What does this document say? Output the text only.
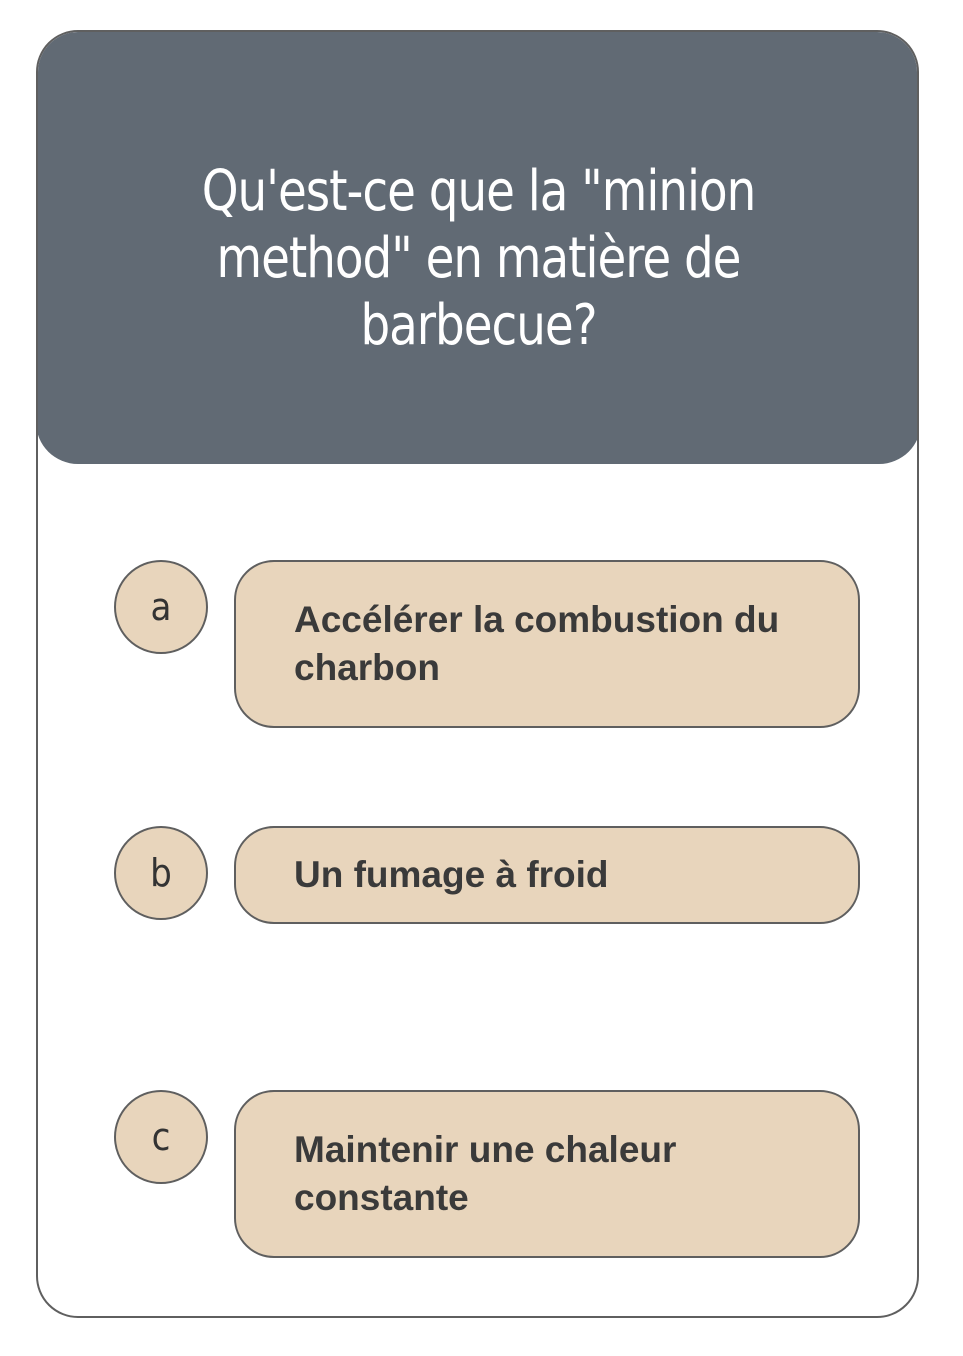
Qu'est-ce que la "minion method" en matière de barbecue?
a	Accélérer la combustion du charbon
b	Un fumage à froid
c	Maintenir une chaleur constante
